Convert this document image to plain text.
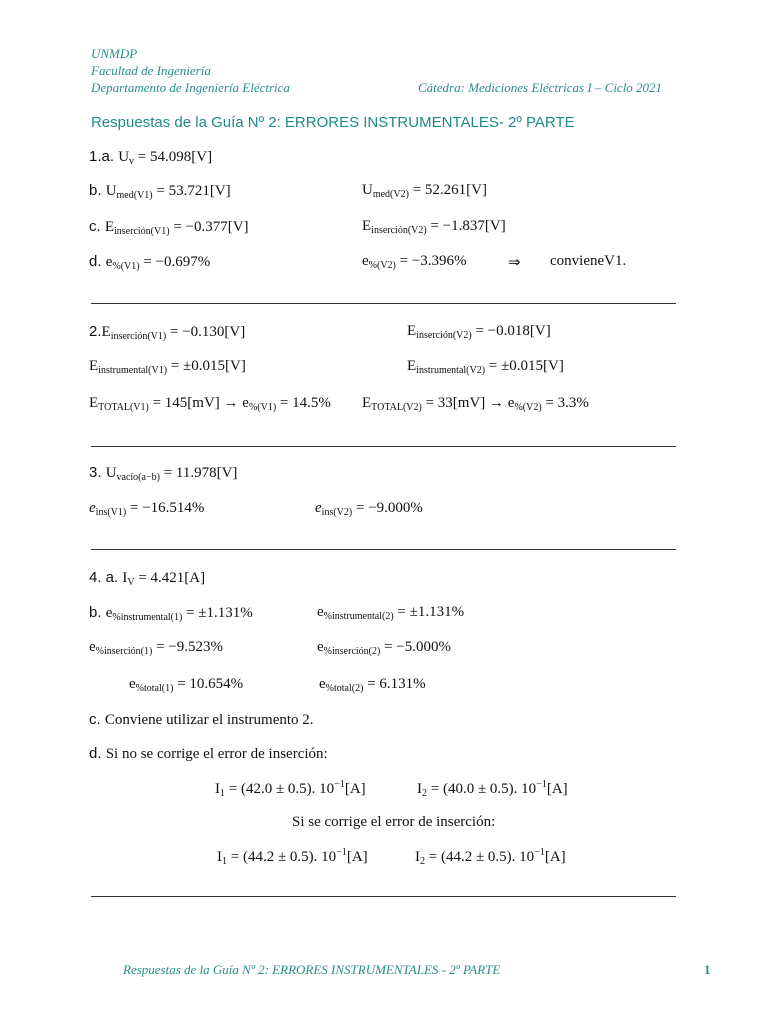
UNMDP
Facultad de Ingeniería
Departamento de Ingeniería Eléctrica	Cátedra: Mediciones Eléctricas I – Ciclo 2021
Respuestas de la Guía Nº 2: ERRORES INSTRUMENTALES- 2º PARTE
1.a. $U_v = 54.098[V]$
b. $U_{med(V1)} = 53.721[V]$	$U_{med(V2)} = 52.261[V]$
c. $E_{inserción(V1)} = -0.377[V]$	$E_{inserción(V2)} = -1.837[V]$
d. $e_{\%(V1)} = -0.697\%$	$e_{\%(V2)} = -3.396\%$	⇒ convieneV1.
$2.E_{inserción(V1)} = -0.130[V]$	$E_{inserción(V2)} = -0.018[V]$
$E_{instrumental(V1)} = \pm 0.015[V]$	$E_{instrumental(V2)} = \pm 0.015[V]$
$E_{TOTAL(V1)} = 145[mV] \to e_{\%(V1)} = 14.5\%$ $E_{TOTAL(V2)} = 33[mV] \to e_{\%(V2)} = 3.3\%$
3. $U_{vacío(a-b)} = 11.978[V]$
$e_{ins(V1)} = -16.514\%$	$e_{ins(V2)} = -9.000\%$
4. a. $I_V = 4.421[A]$
b. $e_{\%instrumental(1)} = \pm 1.131\%$	$e_{\%instrumental(2)} = \pm 1.131\%$
$e_{\%inserción(1)} = -9.523\%$	$e_{\%inserción(2)} = -5.000\%$
$e_{\%total(1)} = 10.654\%$	$e_{\%total(2)} = 6.131\%$
c. Conviene utilizar el instrumento 2.
d. Si no se corrige el error de inserción:
$I_1 = (42.0 \pm 0.5)$. $10^{-1}[A]$	$I_2 = (40.0 \pm 0.5)$. $10^{-1}[A]$
Si se corrige el error de inserción:
$I_1 = (44.2 \pm 0.5)$. $10^{-1}[A]$	$I_2 = (44.2 \pm 0.5)$. $10^{-1}[A]$
Respuestas de la Guía Nº 2: ERRORES INSTRUMENTALES - 2º PARTE	1
